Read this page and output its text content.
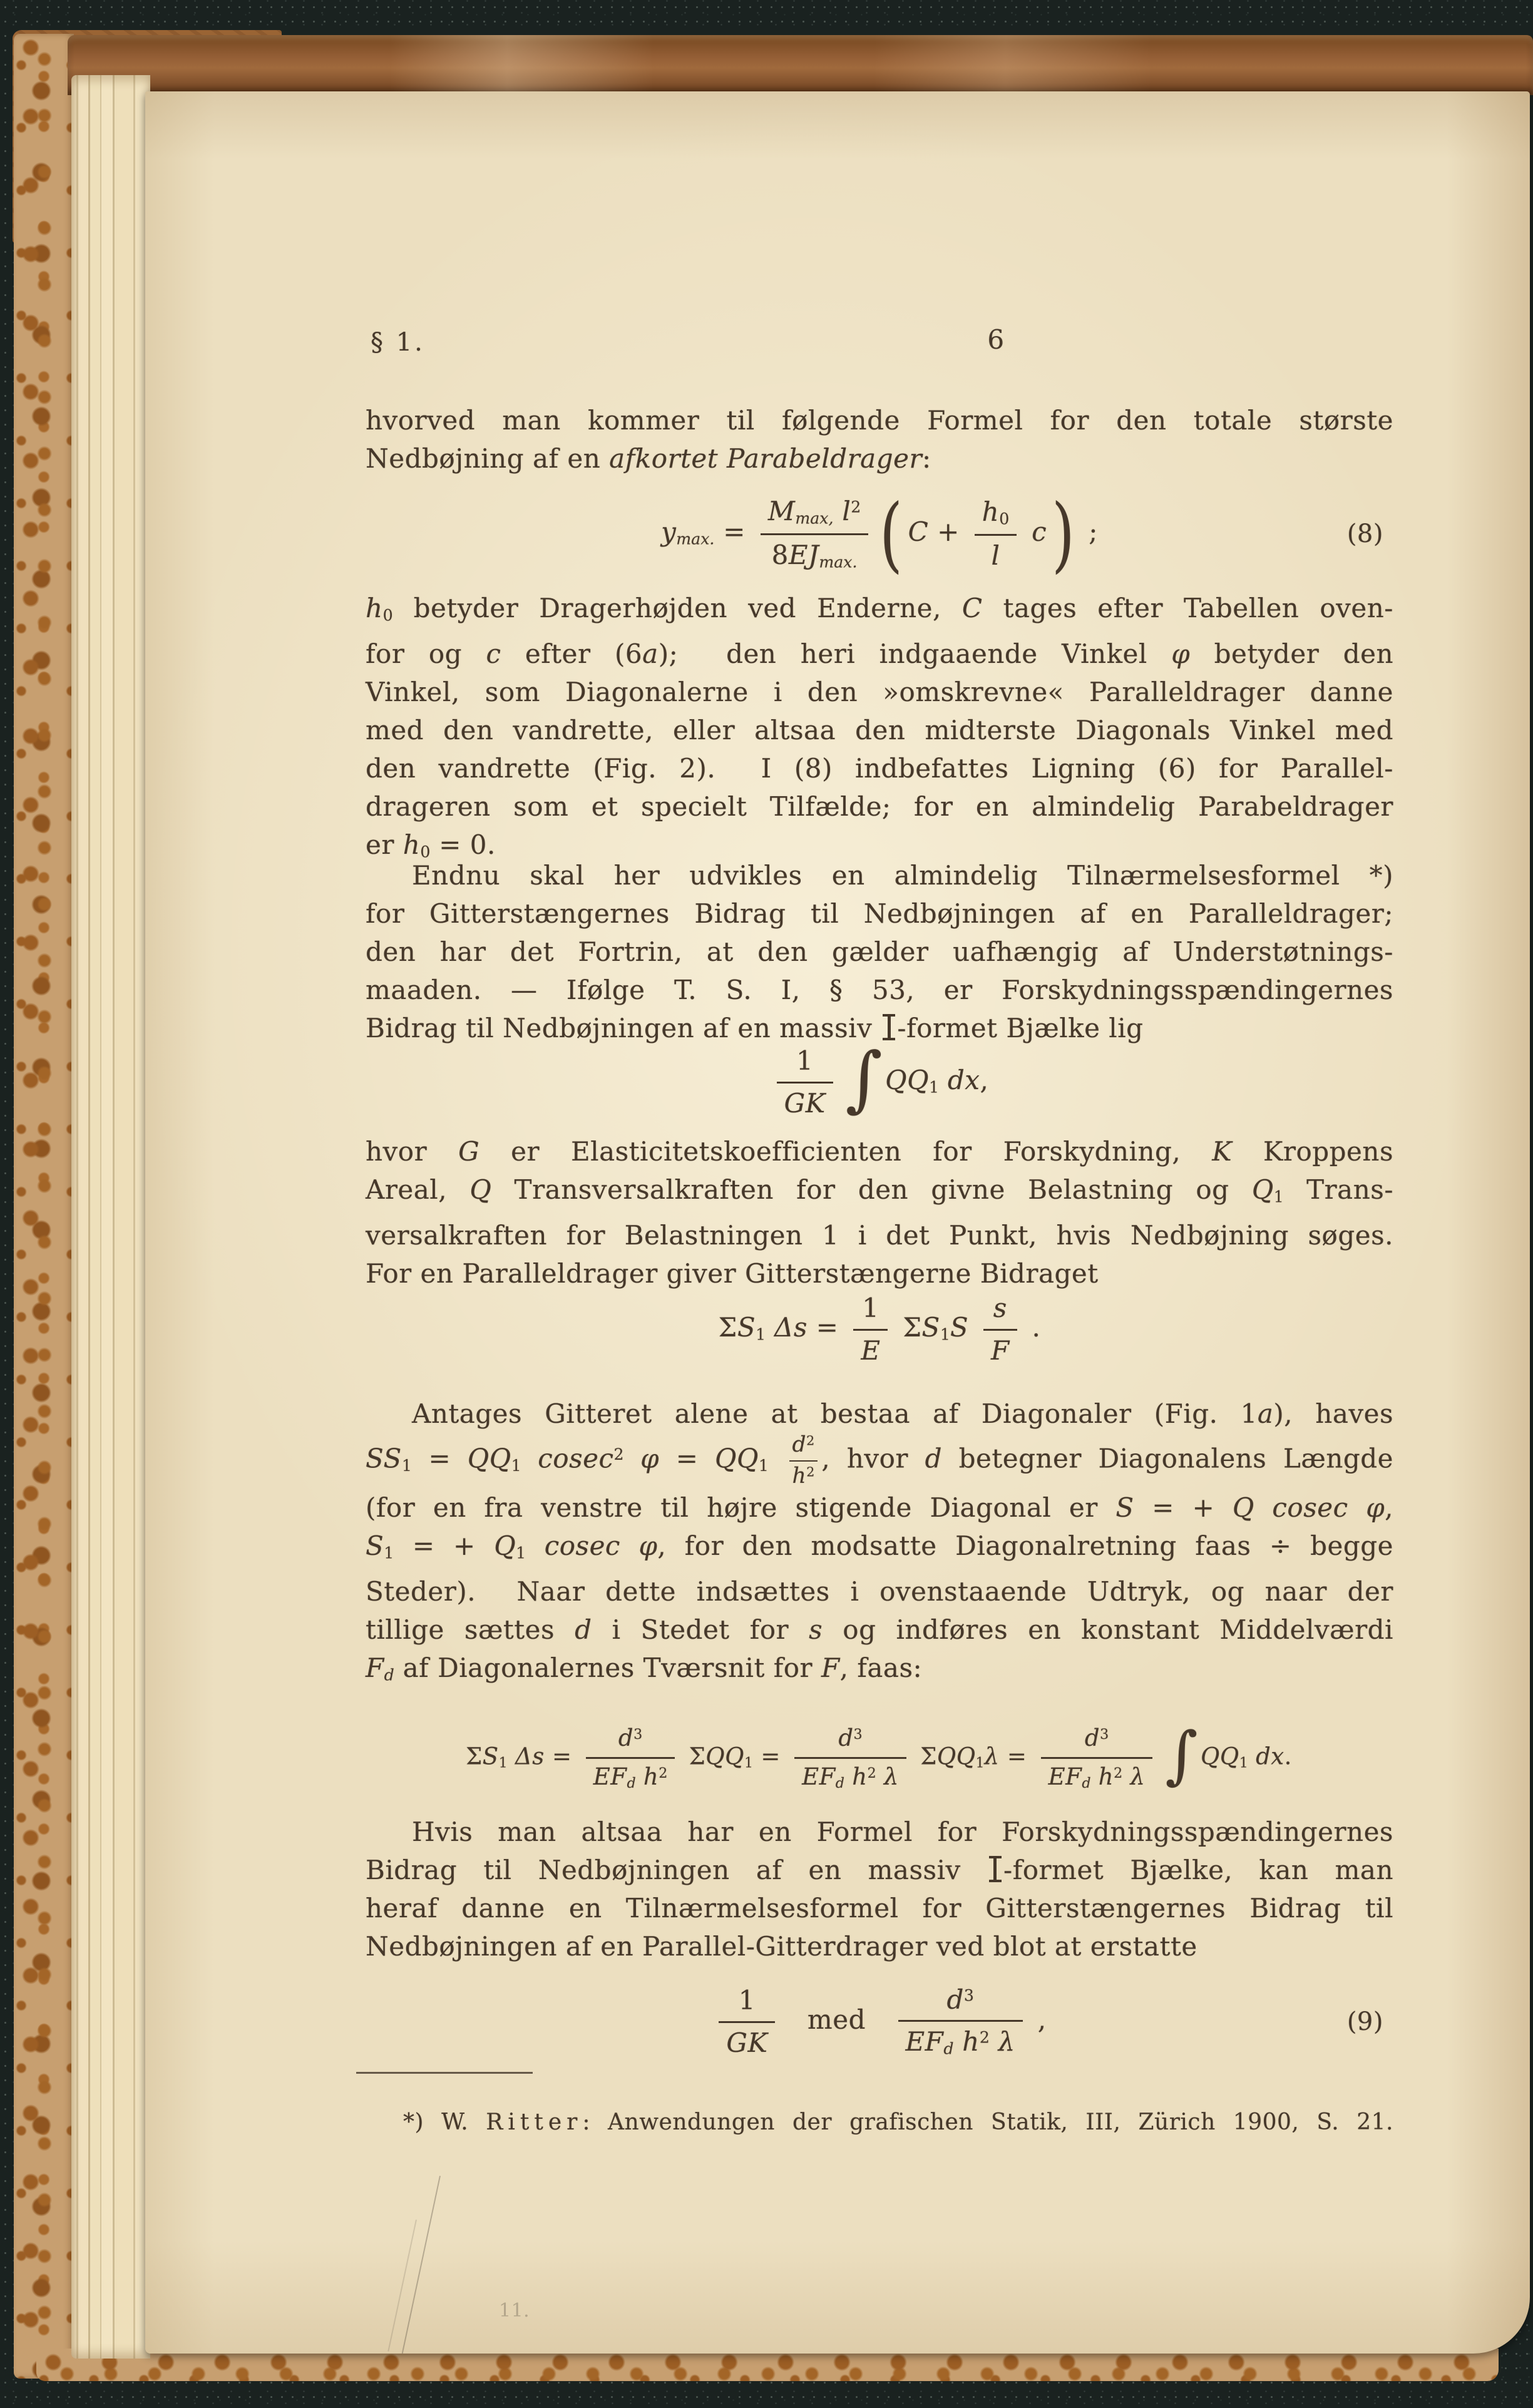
§ 1.	6
hvorved man kommer til følgende Formel for den totale største
Nedbøjning af en afkortet Parabeldrager:
$y_{max.} = \frac{M_{max,} l^2}{8EJ_{max.}}$ ( $C + \frac{h_0}{l} c$) ;	(8)
$h_0$ betyder Dragerhøjden ved Enderne, C tages efter Tabellen oven-
for og c efter (6a);  den heri indgaaende Vinkel φ betyder den
Vinkel, som Diagonalerne i den »omskrevne« Paralleldrager danne
med den vandrette, eller altsaa den midterste Diagonals Vinkel med
den vandrette (Fig. 2).  I (8) indbefattes Ligning (6) for Parallel-
drageren som et specielt Tilfælde; for en almindelig Parabeldrager
er $h_0 = 0$.
Endnu skal her udvikles en almindelig Tilnærmelsesformel *)
for Gitterstængernes Bidrag til Nedbøjningen af en Paralleldrager;
den har det Fortrin, at den gælder uafhængig af Understøtnings-
maaden. — Ifølge T. S. I, § 53, er Forskydningsspændingernes
Bidrag til Nedbøjningen af en massiv -formet Bjælke lig
$\frac{1}{GK} \int QQ_1$ dx,
hvor G er Elasticitetskoefficienten for Forskydning, K Kroppens
Areal, Q Transversalkraften for den givne Belastning og $Q_1$ Trans-
versalkraften for Belastningen 1 i det Punkt, hvis Nedbøjning søges.
For en Paralleldrager giver Gitterstængerne Bidraget
$\Sigma S_1$ $\Delta s = \frac{1}{E} \Sigma S_1S \frac{s}{F}$ .
Antages Gitteret alene at bestaa af Diagonaler (Fig. 1a), haves
$SS_1 = QQ_1$ cosec$^2$ $\varphi = QQ_1 \frac{d^2}{h^2}$ , hvor d betegner Diagonalens Længde
(for en fra venstre til højre stigende Diagonal er S = + Q cosec φ,
$S_1$ = + $Q_1$ cosec φ, for den modsatte Diagonalretning faas ÷ begge
Steder).  Naar dette indsættes i ovenstaaende Udtryk, og naar der
tillige sættes d i Stedet for s og indføres en konstant Middelværdi
$F_d$ af Diagonalernes Tværsnit for F, faas:
$\Sigma S_1$ $\Delta s = \frac{d^3}{EF_d h^2} \Sigma QQ_1 = \frac{d^3}{EF_d h^2 \lambda} \Sigma QQ_1\lambda = \frac{d^3}{EF_d h^2 \lambda}$ ∫ $QQ_1$ dx.
Hvis man altsaa har en Formel for Forskydningsspændingernes
Bidrag til Nedbøjningen af en massiv -formet Bjælke, kan man
heraf danne en Tilnærmelsesformel for Gitterstængernes Bidrag til
Nedbøjningen af en Parallel-Gitterdrager ved blot at erstatte
$\frac{1}{GK}$ med $\frac{d^3}{EF_d h^2 \lambda}$ ,	(9)
*) W. Ritter: Anwendungen der grafischen Statik, III, Zürich 1900, S. 21.
11.
